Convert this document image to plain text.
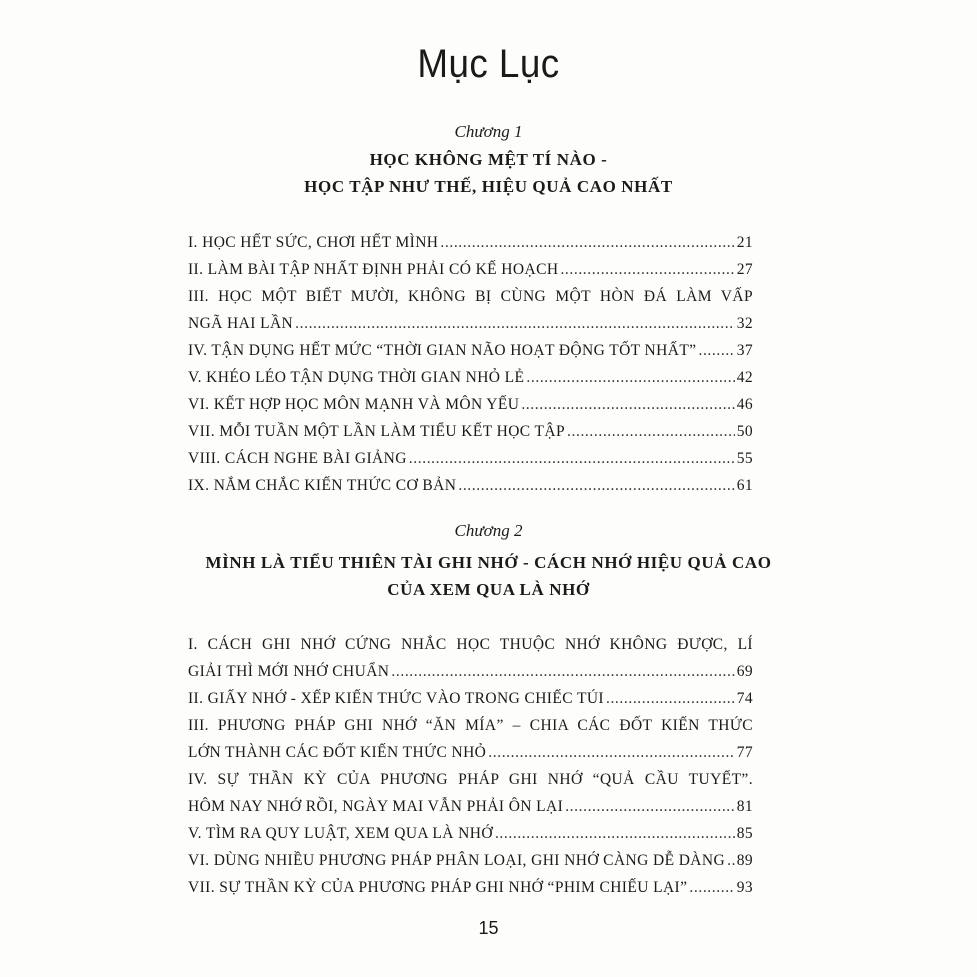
Mục Lục
Chương 1
HỌC KHÔNG MỆT TÍ NÀO -
HỌC TẬP NHƯ THẾ, HIỆU QUẢ CAO NHẤT
I. HỌC HẾT SỨC, CHƠI HẾT MÌNH .....	21
II. LÀM BÀI TẬP NHẤT ĐỊNH PHẢI CÓ KẾ HOẠCH .....	27
III. HỌC MỘT BIẾT MƯỜI, KHÔNG BỊ CÙNG MỘT HÒN ĐÁ LÀM VẤP
NGÃ HAI LẦN .....	32
IV. TẬN DỤNG HẾT MỨC “THỜI GIAN NÃO HOẠT ĐỘNG TỐT NHẤT” .....	37
V. KHÉO LÉO TẬN DỤNG THỜI GIAN NHỎ LẺ .....	42
VI. KẾT HỢP HỌC MÔN MẠNH VÀ MÔN YẾU .....	46
VII. MỖI TUẦN MỘT LẦN LÀM TIỂU KẾT HỌC TẬP .....	50
VIII. CÁCH NGHE BÀI GIẢNG .....	55
IX. NẮM CHẮC KIẾN THỨC CƠ BẢN .....	61
Chương 2
MÌNH LÀ TIỂU THIÊN TÀI GHI NHỚ - CÁCH NHỚ HIỆU QUẢ CAO
CỦA XEM QUA LÀ NHỚ
I. CÁCH GHI NHỚ CỨNG NHẮC HỌC THUỘC NHỚ KHÔNG ĐƯỢC, LÍ
GIẢI THÌ MỚI NHỚ CHUẨN .....	69
II. GIẤY NHỚ - XẾP KIẾN THỨC VÀO TRONG CHIẾC TÚI .....	74
III. PHƯƠNG PHÁP GHI NHỚ “ĂN MÍA” – CHIA CÁC ĐỐT KIẾN THỨC
LỚN THÀNH CÁC ĐỐT KIẾN THỨC NHỎ .....	77
IV. SỰ THẦN KỲ CỦA PHƯƠNG PHÁP GHI NHỚ “QUẢ CẦU TUYẾT”.
HÔM NAY NHỚ RỒI, NGÀY MAI VẪN PHẢI ÔN LẠI .....	81
V. TÌM RA QUY LUẬT, XEM QUA LÀ NHỚ .....	85
VI. DÙNG NHIỀU PHƯƠNG PHÁP PHÂN LOẠI, GHI NHỚ CÀNG DỄ DÀNG ..... 89
VII. SỰ THẦN KỲ CỦA PHƯƠNG PHÁP GHI NHỚ “PHIM CHIẾU LẠI” .....	93
15
